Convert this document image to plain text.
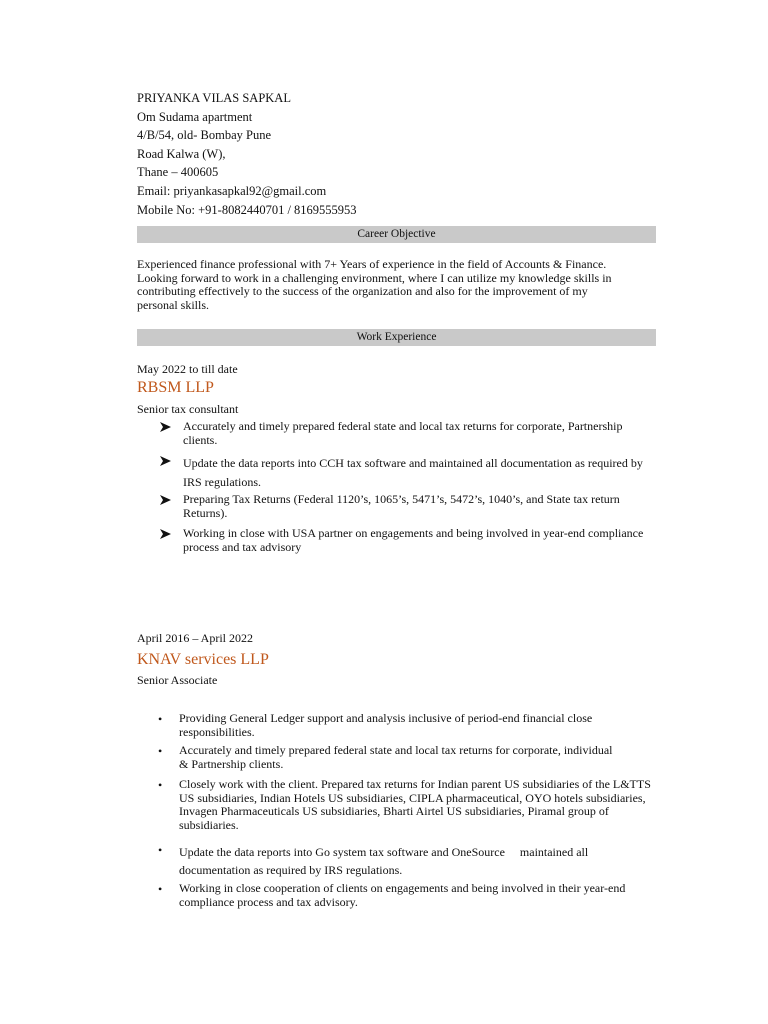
PRIYANKA VILAS SAPKAL
Om Sudama apartment
4/B/54, old- Bombay Pune
Road Kalwa (W),
Thane – 400605
Email: priyankasapkal92@gmail.com
Mobile No: +91-8082440701 / 8169555953
Career Objective
Experienced finance professional with 7+ Years of experience in the field of Accounts & Finance. Looking forward to work in a challenging environment, where I can utilize my knowledge skills in contributing effectively to the success of the organization and also for the improvement of my personal skills.
Work Experience
May 2022 to till date
RBSM LLP
Senior tax consultant
Accurately and timely prepared federal state and local tax returns for corporate, Partnership clients.
Update the data reports into CCH tax software and maintained all documentation as required by IRS regulations.
Preparing Tax Returns (Federal 1120’s, 1065’s, 5471’s, 5472’s, 1040’s, and State tax return Returns).
Working in close with USA partner on engagements and being involved in year-end compliance process and tax advisory
April 2016 – April 2022
KNAV services LLP
Senior Associate
• Providing General Ledger support and analysis inclusive of period-end financial close responsibilities.
• Accurately and timely prepared federal state and local tax returns for corporate, individual & Partnership clients.
• Closely work with the client. Prepared tax returns for Indian parent US subsidiaries of the L&TTS US subsidiaries, Indian Hotels US subsidiaries, CIPLA pharmaceutical, OYO hotels subsidiaries, Invagen Pharmaceuticals US subsidiaries, Bharti Airtel US subsidiaries, Piramal group of subsidiaries.
• Update the data reports into Go system tax software and OneSource     maintained all documentation as required by IRS regulations.
• Working in close cooperation of clients on engagements and being involved in their year-end compliance process and tax advisory.
